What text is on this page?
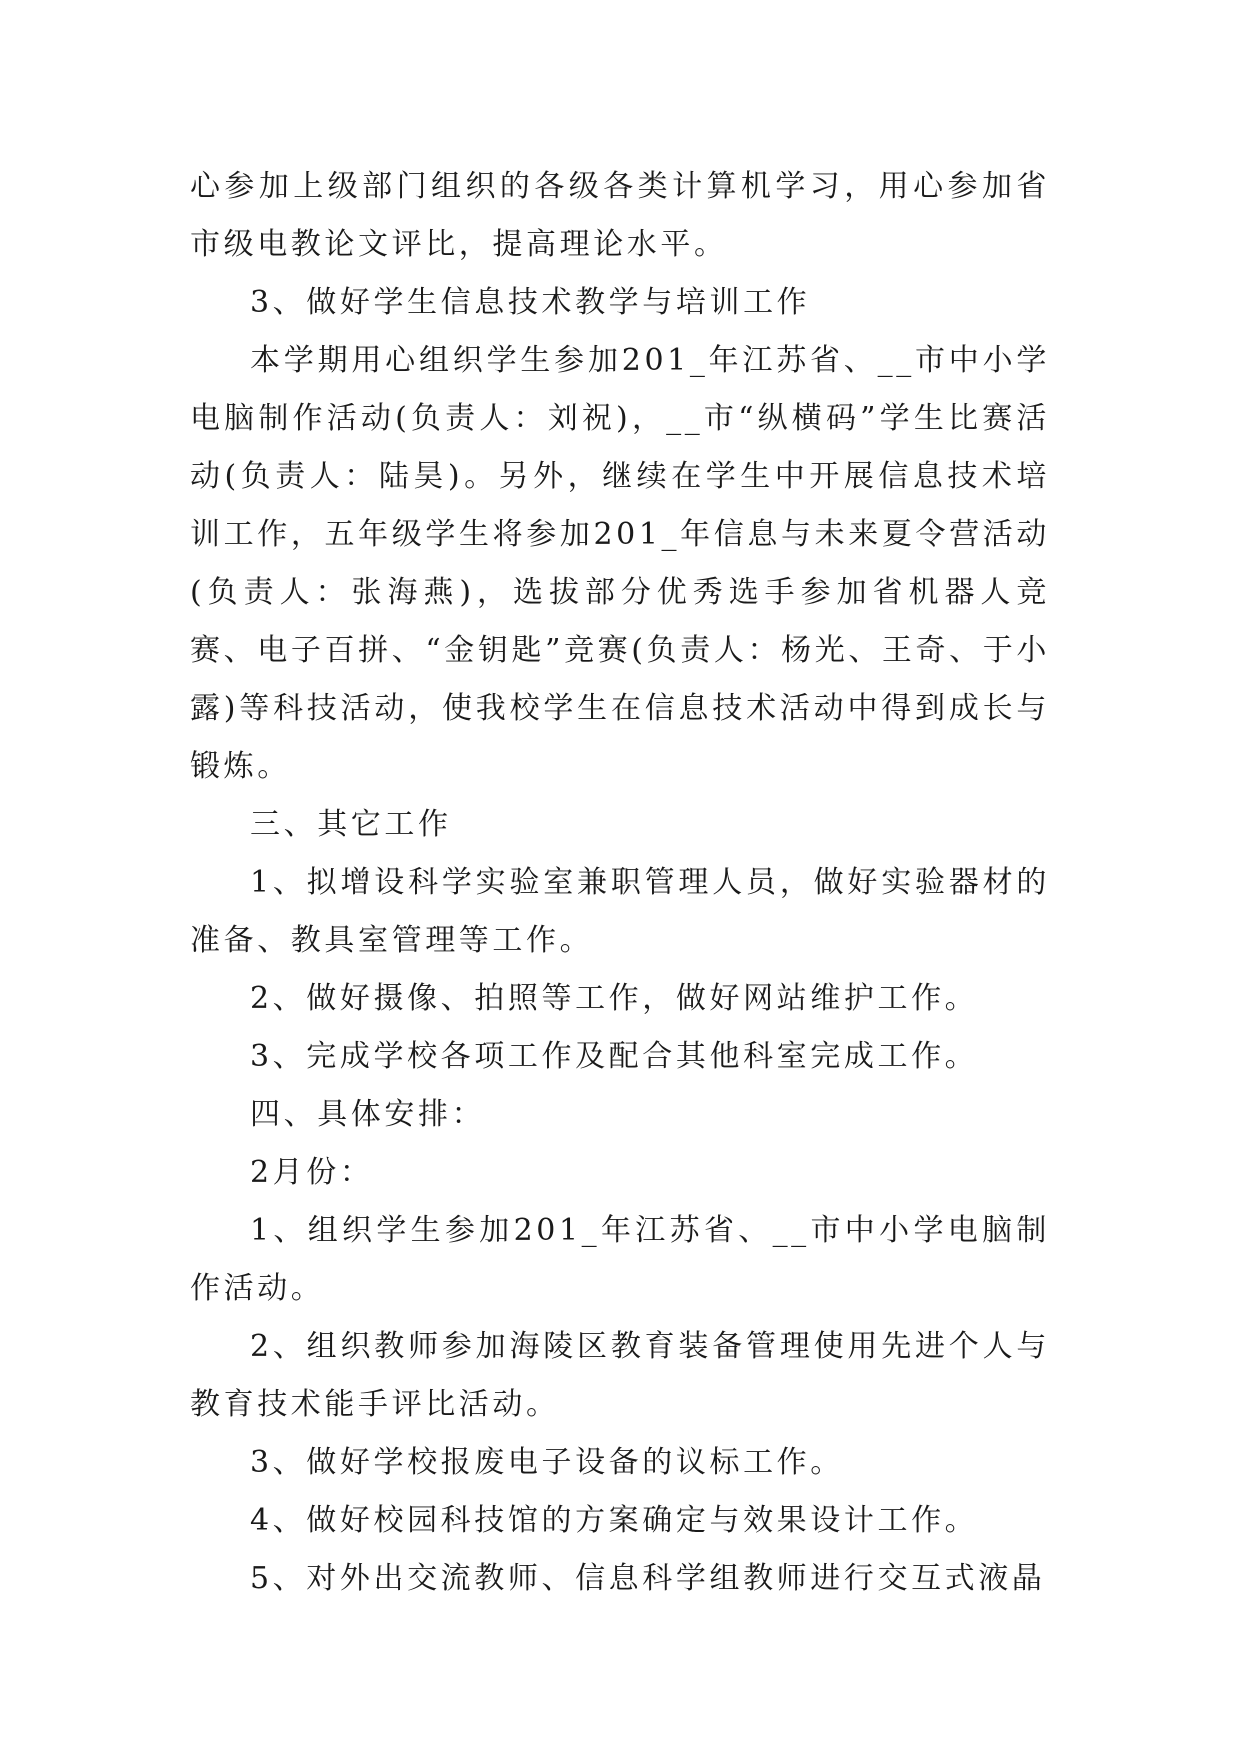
心参加上级部门组织的各级各类计算机学习，用心参加省市级电教论文评比，提高理论水平。

3、做好学生信息技术教学与培训工作

本学期用心组织学生参加201_年江苏省、__市中小学电脑制作活动(负责人：刘祝)，__市“纵横码”学生比赛活动(负责人：陆昊)。另外，继续在学生中开展信息技术培训工作，五年级学生将参加201_年信息与未来夏令营活动(负责人：张海燕)，选拔部分优秀选手参加省机器人竞赛、电子百拼、“金钥匙”竞赛(负责人：杨光、王奇、于小露)等科技活动，使我校学生在信息技术活动中得到成长与锻炼。

三、其它工作

1、拟增设科学实验室兼职管理人员，做好实验器材的准备、教具室管理等工作。

2、做好摄像、拍照等工作，做好网站维护工作。

3、完成学校各项工作及配合其他科室完成工作。

四、具体安排：

2月份：

1、组织学生参加201_年江苏省、__市中小学电脑制作活动。

2、组织教师参加海陵区教育装备管理使用先进个人与教育技术能手评比活动。

3、做好学校报废电子设备的议标工作。

4、做好校园科技馆的方案确定与效果设计工作。

5、对外出交流教师、信息科学组教师进行交互式液晶
